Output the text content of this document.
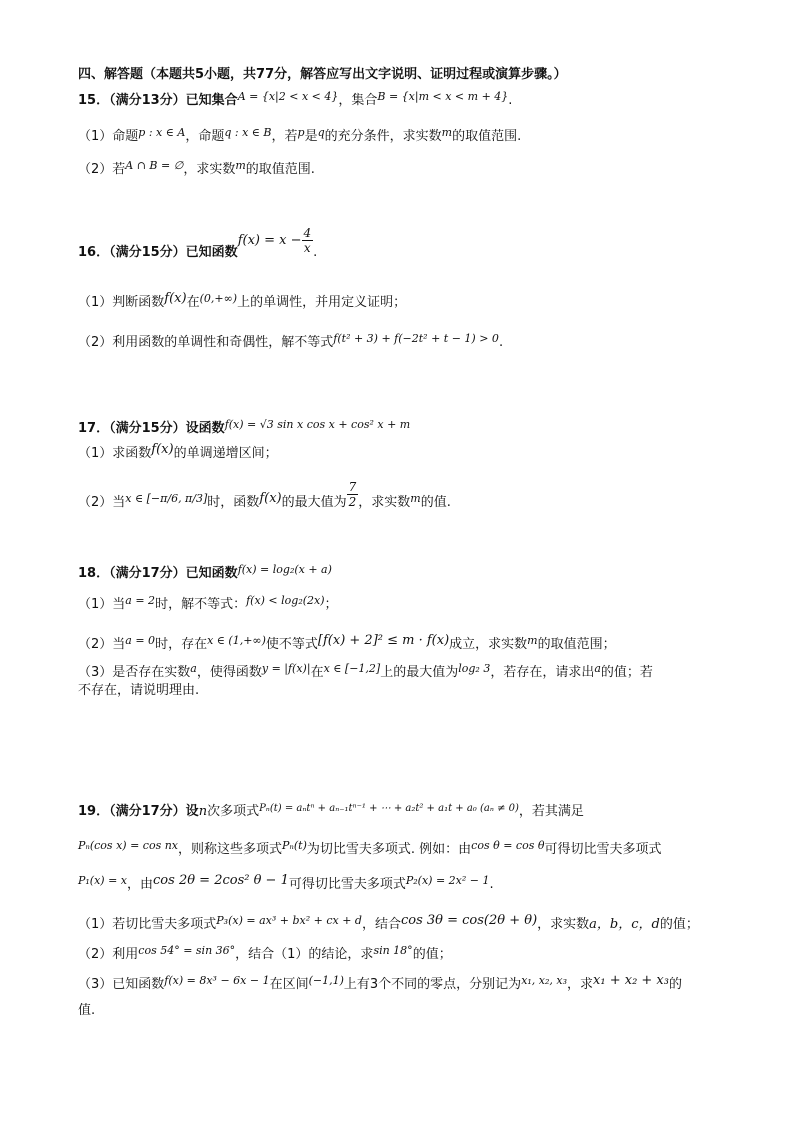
四、解答题（本题共5小题，共77分，解答应写出文字说明、证明过程或演算步骤。）
15．（满分13分）已知集合$^{A = \{x|2 < x < 4\}}$，集合$^{B = \{x|m < x < m + 4\}}$.
（1）命题$^{p : x \in A}$，命题$^{q : x \in B}$，若$^p$是$^q$的充分条件，求实数$^m$的取值范围.
（2）若$^{A \cap B = \emptyset}$，求实数$^m$的取值范围.
16．（满分15分）已知函数$f(x) = x - \frac{4}{x}$ .
（1）判断函数f(x)在$^{(0,+\infty)}$上的单调性，并用定义证明；
（2）利用函数的单调性和奇偶性，解不等式$^{f(t^2 + 3) + f(-2t^2 + t - 1) > 0}$.
17．（满分15分）设函数$^{f(x) = √3 sin x cos x + cos^2 x + m}$
（1）求函数f(x)的单调递增区间；
（2）当$^{x \in [-\pi/6, \pi/3]}$时，函数f(x)的最大值为 $\frac{7}{2}$ ，求实数$^m$的值.
18．（满分17分）已知函数$^{f(x) = log_2(x + a)}$
（1）当$^{a = 2}$时，解不等式：$^{f(x) < log_2(2x)}$；
（2）当$^{a = 0}$时，存在$^{x \in (1,+\infty)}$使不等式[f(x) + 2]² ≤ m · f(x)成立，求实数$^m$的取值范围；
（3）是否存在实数$^a$，使得函数$^{y = |f(x)|}$在$^{x \in [-1,2]}$上的最大值为$^{log_2 3}$，若存在，请求出$^a$的值；若
不存在，请说明理由.
19．（满分17分）设n次多项式$^{P_n(t) = a_nt^n + a_{n-1}t^{n-1} + \cdots + a_2t^2 + a_1t + a_0 (a_n \ne 0)}$，若其满足
$^{P_n(cos x) = cos nx}$，则称这些多项式$^{P_n(t)}$为切比雪夫多项式. 例如：由$^{cos \theta = cos \theta}$可得切比雪夫多项式
$^{P_1(x) = x}$，由cos 2θ = 2cos² θ − 1可得切比雪夫多项式$^{P_2(x) = 2x^2 - 1}$.
（1）若切比雪夫多项式$^{P_3(x) = ax^3 + bx^2 + cx + d}$，结合cos 3θ = cos(2θ + θ)，求实数a，b，c，d的值；
（2）利用$^{cos 54^\circ = sin 36^\circ}$，结合（1）的结论，求$^{sin 18^\circ}$的值；
（3）已知函数$^{f(x) = 8x^3 - 6x - 1}$在区间$^{(-1,1)}$上有3个不同的零点，分别记为$^{x_1, x_2, x_3}$，求x₁ + x₂ + x₃的
值.
